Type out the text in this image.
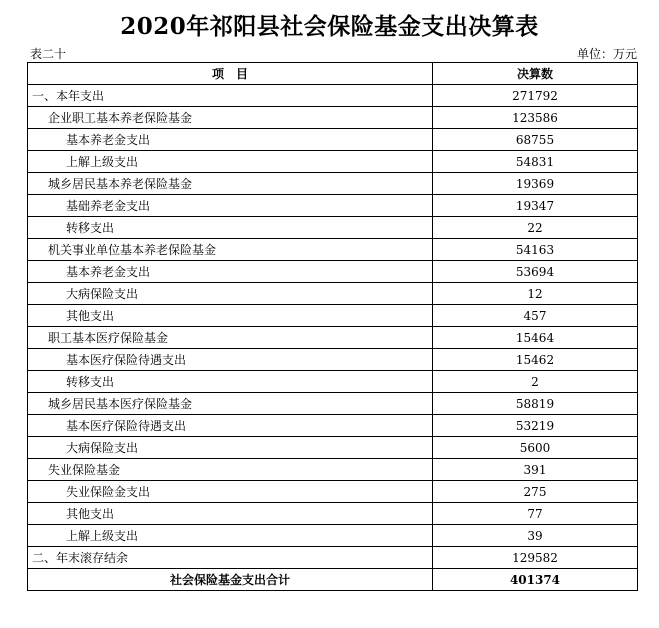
2020年祁阳县社会保险基金支出决算表
表二十	单位：万元
项　目	决算数
一、本年支出	271792
企业职工基本养老保险基金	123586
基本养老金支出	68755
上解上级支出	54831
城乡居民基本养老保险基金	19369
基础养老金支出	19347
转移支出	22
机关事业单位基本养老保险基金	54163
基本养老金支出	53694
大病保险支出	12
其他支出	457
职工基本医疗保险基金	15464
基本医疗保险待遇支出	15462
转移支出	2
城乡居民基本医疗保险基金	58819
基本医疗保险待遇支出	53219
大病保险支出	5600
失业保险基金	391
失业保险金支出	275
其他支出	77
上解上级支出	39
二、年末滚存结余	129582
社会保险基金支出合计	401374
